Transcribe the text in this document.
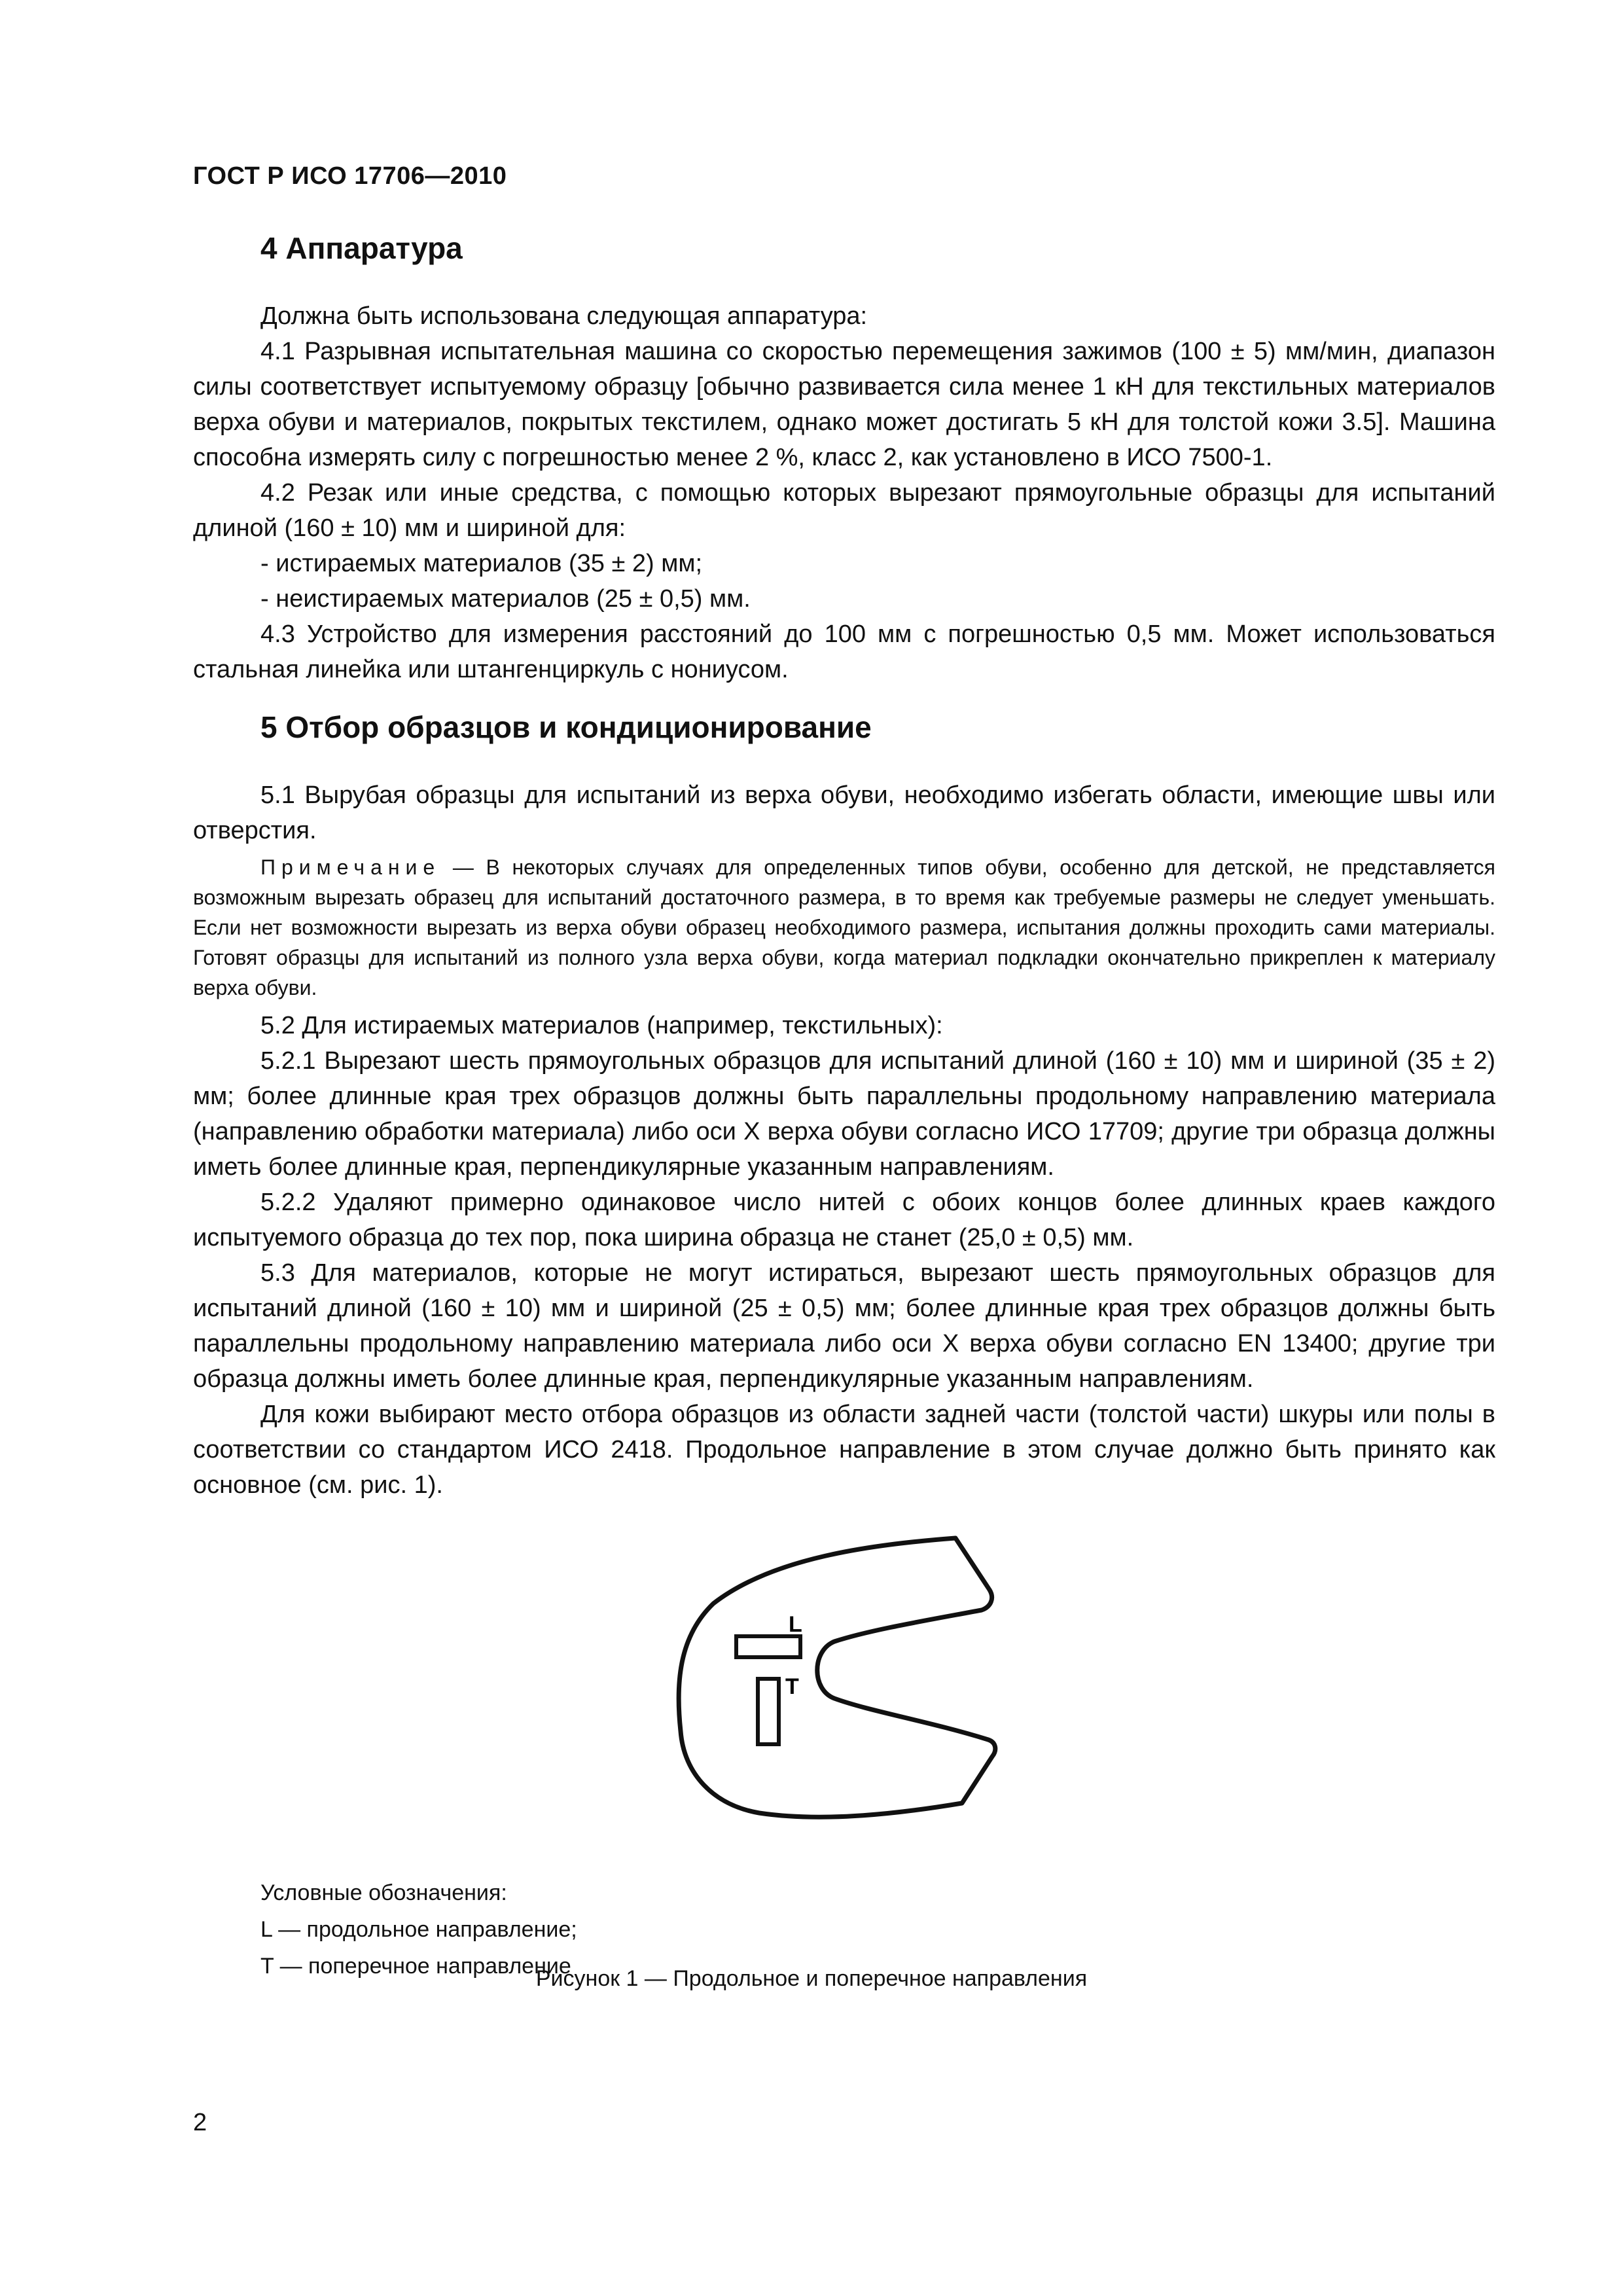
ГОСТ Р ИСО 17706—2010
4 Аппаратура

Должна быть использована следующая аппаратура:

4.1 Разрывная испытательная машина со скоростью перемещения зажимов (100 ± 5) мм/мин, диапазон силы соответствует испытуемому образцу [обычно развивается сила менее 1 кН для текстильных материалов верха обуви и материалов, покрытых текстилем, однако может достигать 5 кН для толстой кожи 3.5]. Машина способна измерять силу с погрешностью менее 2 %, класс 2, как установлено в ИСО 7500-1.

4.2 Резак или иные средства, с помощью которых вырезают прямоугольные образцы для испытаний длиной (160 ± 10) мм и шириной для:

- истираемых материалов (35 ± 2) мм;

- неистираемых материалов (25 ± 0,5) мм.

4.3 Устройство для измерения расстояний до 100 мм с погрешностью 0,5 мм. Может использоваться стальная линейка или штангенциркуль с нониусом.

5 Отбор образцов и кондиционирование

5.1 Вырубая образцы для испытаний из верха обуви, необходимо избегать области, имеющие швы или отверстия.

Примечание — В некоторых случаях для определенных типов обуви, особенно для детской, не представляется возможным вырезать образец для испытаний достаточного размера, в то время как требуемые размеры не следует уменьшать. Если нет возможности вырезать из верха обуви образец необходимого размера, испытания должны проходить сами материалы. Готовят образцы для испытаний из полного узла верха обуви, когда материал подкладки окончательно прикреплен к материалу верха обуви.

5.2 Для истираемых материалов (например, текстильных):

5.2.1 Вырезают шесть прямоугольных образцов для испытаний длиной (160 ± 10) мм и шириной (35 ± 2) мм; более длинные края трех образцов должны быть параллельны продольному направлению материала (направлению обработки материала) либо оси X верха обуви согласно ИСО 17709; другие три образца должны иметь более длинные края, перпендикулярные указанным направлениям.

5.2.2 Удаляют примерно одинаковое число нитей с обоих концов более длинных краев каждого испытуемого образца до тех пор, пока ширина образца не станет (25,0 ± 0,5) мм.

5.3 Для материалов, которые не могут истираться, вырезают шесть прямоугольных образцов для испытаний длиной (160 ± 10) мм и шириной (25 ± 0,5) мм; более длинные края трех образцов должны быть параллельны продольному направлению материала либо оси X верха обуви согласно EN 13400; другие три образца должны иметь более длинные края, перпендикулярные указанным направлениям.

Для кожи выбирают место отбора образцов из области задней части (толстой части) шкуры или полы в соответствии со стандартом ИСО 2418. Продольное направление в этом случае должно быть принято как основное (см. рис. 1).

L
T
Условные обозначения:
L — продольное направление;
T — поперечное направление
Рисунок 1 — Продольное и поперечное направления
2
